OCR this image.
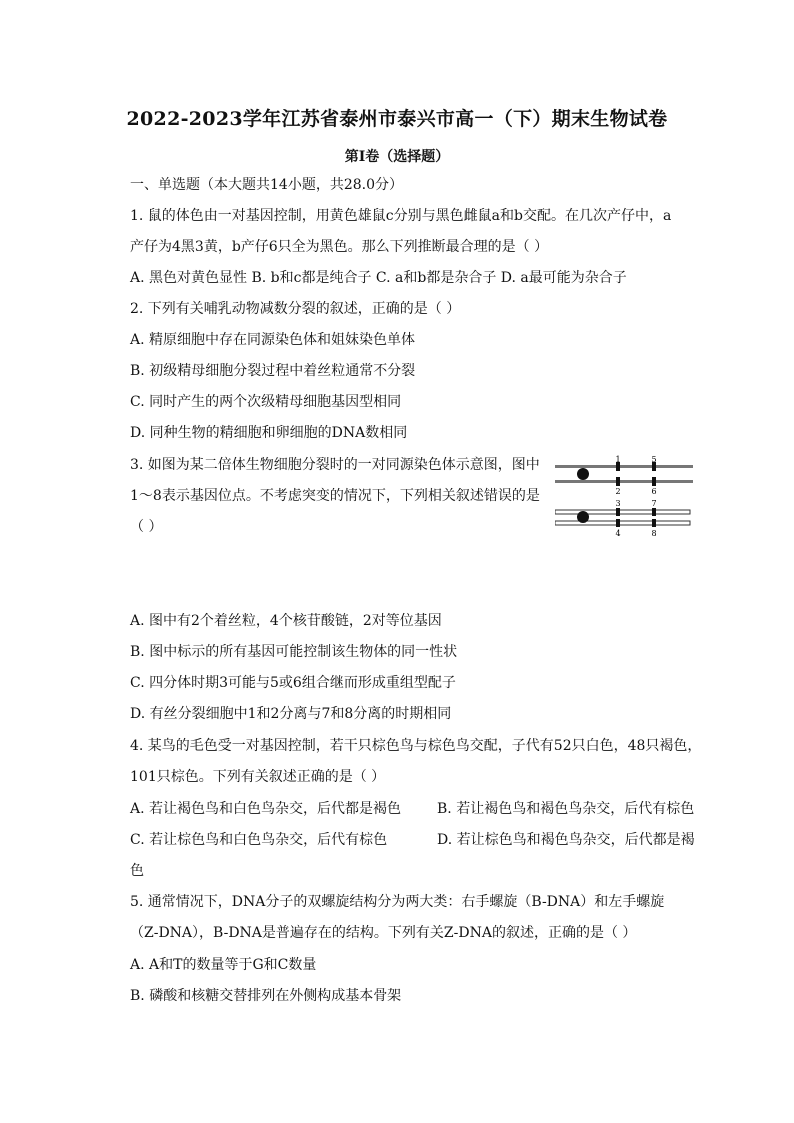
2022-2023学年江苏省泰州市泰兴市高一（下）期末生物试卷
第I卷（选择题）
一、单选题（本大题共14小题，共28.0分）
1. 鼠的体色由一对基因控制，用黄色雄鼠c分别与黑色雌鼠a和b交配。在几次产仔中，a
产仔为4黑3黄，b产仔6只全为黑色。那么下列推断最合理的是（ ）
A. 黑色对黄色显性 B. b和c都是纯合子 C. a和b都是杂合子 D. a最可能为杂合子
2. 下列有关哺乳动物减数分裂的叙述，正确的是（ ）
A. 精原细胞中存在同源染色体和姐妹染色单体
B. 初级精母细胞分裂过程中着丝粒通常不分裂
C. 同时产生的两个次级精母细胞基因型相同
D. 同种生物的精细胞和卵细胞的DNA数相同
3. 如图为某二倍体生物细胞分裂时的一对同源染色体示意图，图中
1～8表示基因位点。不考虑突变的情况下，下列相关叙述错误的是
（ ）
1	5
2	6
3	7
4	8
A. 图中有2个着丝粒，4个核苷酸链，2对等位基因
B. 图中标示的所有基因可能控制该生物体的同一性状
C. 四分体时期3可能与5或6组合继而形成重组型配子
D. 有丝分裂细胞中1和2分离与7和8分离的时期相同
4. 某鸟的毛色受一对基因控制，若干只棕色鸟与棕色鸟交配，子代有52只白色，48只褐色，
101只棕色。下列有关叙述正确的是（ ）
A. 若让褐色鸟和白色鸟杂交，后代都是褐色	B. 若让褐色鸟和褐色鸟杂交，后代有棕色
C. 若让棕色鸟和白色鸟杂交，后代有棕色	D. 若让棕色鸟和褐色鸟杂交，后代都是褐
色
5. 通常情况下，DNA分子的双螺旋结构分为两大类：右手螺旋（B-DNA）和左手螺旋
（Z-DNA），B-DNA是普遍存在的结构。下列有关Z-DNA的叙述，正确的是（ ）
A. A和T的数量等于G和C数量
B. 磷酸和核糖交替排列在外侧构成基本骨架
